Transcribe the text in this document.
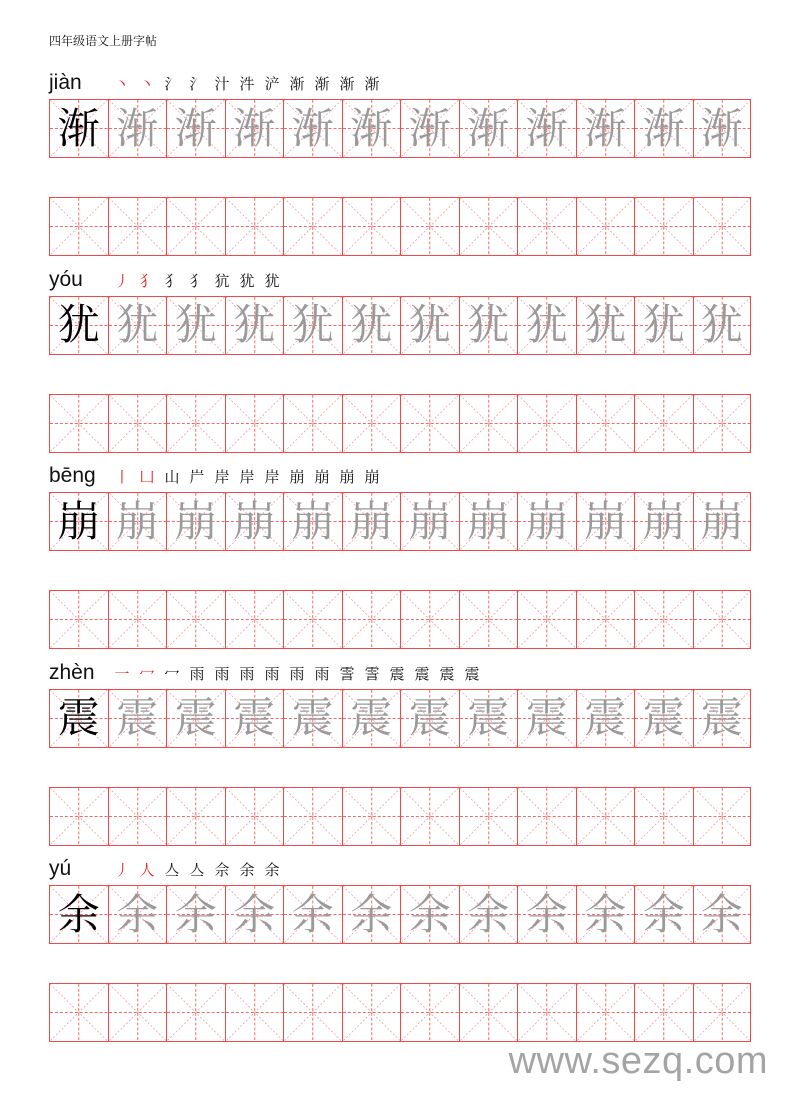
四年级语文上册字帖
jiàn	丶 丶 氵 氵 汁 汼 浐 渐 渐 渐 渐
渐 渐 渐 渐 渐 渐 渐 渐 渐 渐 渐 渐
yóu	丿 犭 犭 犭 犺 犹 犹
犹 犹 犹 犹 犹 犹 犹 犹 犹 犹 犹 犹
bēng	丨 凵 山 屵 岸 岸 岸 崩 崩 崩 崩
崩 崩 崩 崩 崩 崩 崩 崩 崩 崩 崩 崩
zhèn	一 冖 冖 雨 雨 雨 雨 雨 雨 霅 霅 震 震 震 震
震 震 震 震 震 震 震 震 震 震 震 震
yú	丿 人 亼 亼 佘 余 余
余 余 余 余 余 余 余 余 余 余 余 余
www.sezq.com
